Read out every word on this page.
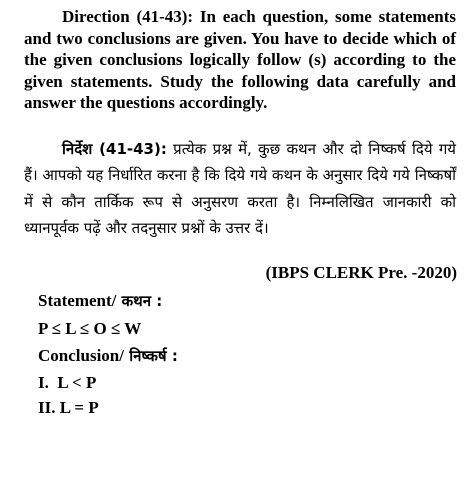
Direction (41-43): In each question, some statements and two conclusions are given. You have to decide which of the given conclusions logically follow (s) according to the given statements. Study the following data carefully and answer the questions accordingly.

निर्देश (41-43): प्रत्येक प्रश्न में, कुछ कथन और दो निष्कर्ष दिये गये हैं। आपको यह निर्धारित करना है कि दिये गये कथन के अनुसार दिये गये निष्कर्षों में से कौन तार्किक रूप से अनुसरण करता है। निम्नलिखित जानकारी को ध्यानपूर्वक पढ़ें और तदनुसार प्रश्नों के उत्तर दें।

(IBPS CLERK Pre. -2020)

Statement/ कथन :

P ≤ L ≤ O ≤ W

Conclusion/ निष्कर्ष :

I. L < P

II. L = P
